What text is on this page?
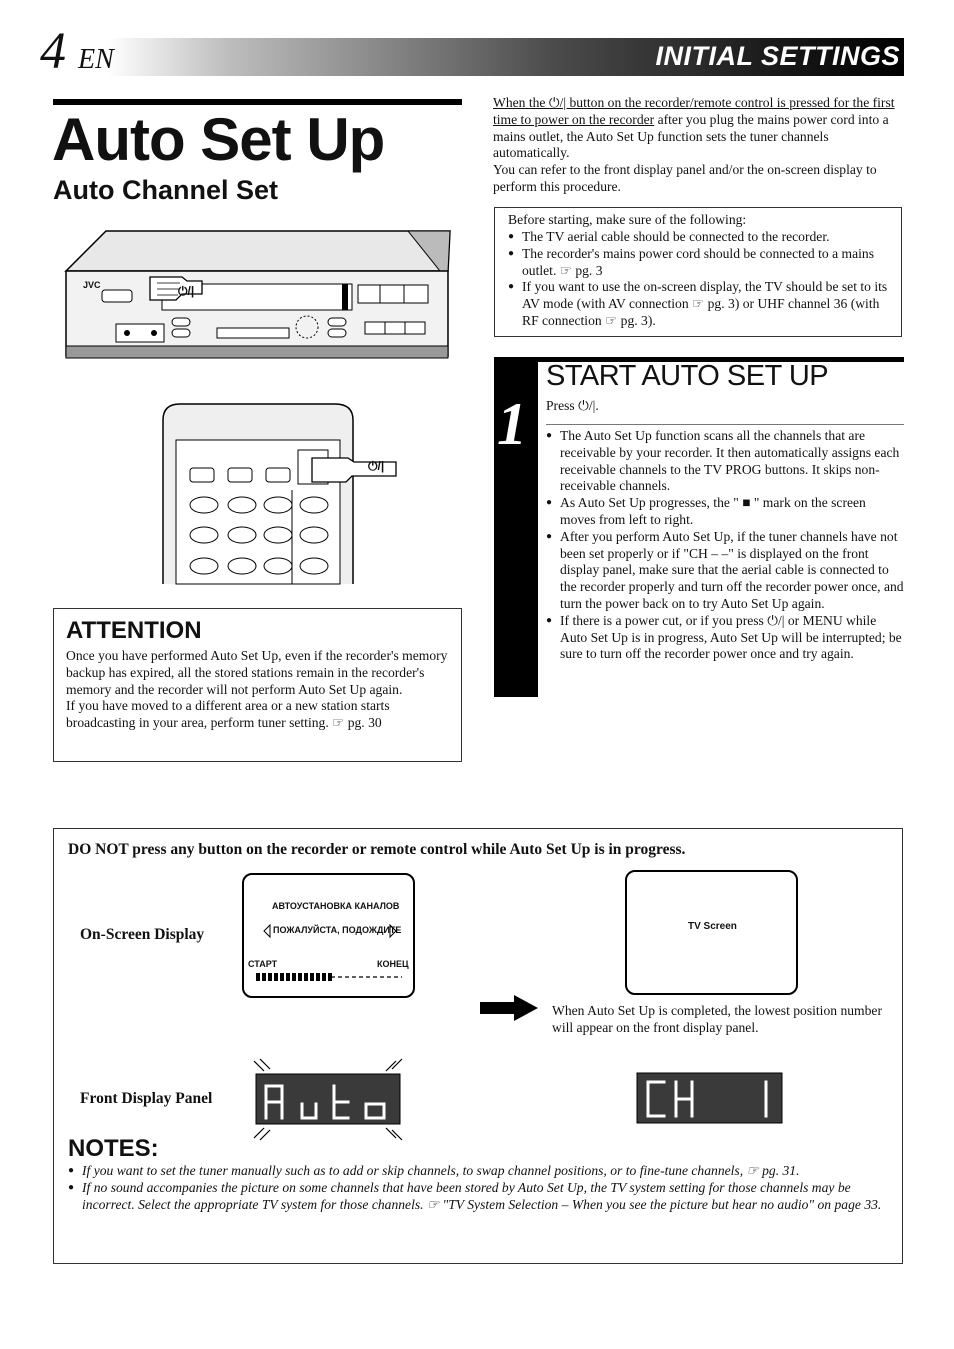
4 EN	INITIAL SETTINGS
Auto Set Up
Auto Channel Set
JVC	⏻/|
⏻/|
When the ⏻/| button on the recorder/remote control is pressed for the first time to power on the recorder after you plug the mains power cord into a mains outlet, the Auto Set Up function sets the tuner channels automatically.
You can refer to the front display panel and/or the on-screen display to perform this procedure.
Before starting, make sure of the following:
● The TV aerial cable should be connected to the recorder.
● The recorder's mains power cord should be connected to a mains outlet. ☞ pg. 3
● If you want to use the on-screen display, the TV should be set to its AV mode (with AV connection ☞ pg. 3) or UHF channel 36 (with RF connection ☞ pg. 3).
1
START AUTO SET UP
Press ⏻/|.
● The Auto Set Up function scans all the channels that are receivable by your recorder. It then automatically assigns each receivable channels to the TV PROG buttons. It skips non-receivable channels.
● As Auto Set Up progresses, the " ■ " mark on the screen moves from left to right.
● After you perform Auto Set Up, if the tuner channels have not been set properly or if "CH – –" is displayed on the front display panel, make sure that the aerial cable is connected to the recorder properly and turn off the recorder power once, and turn the power back on to try Auto Set Up again.
● If there is a power cut, or if you press ⏻/| or MENU while Auto Set Up is in progress, Auto Set Up will be interrupted; be sure to turn off the recorder power once and try again.
ATTENTION
Once you have performed Auto Set Up, even if the recorder's memory backup has expired, all the stored stations remain in the recorder's memory and the recorder will not perform Auto Set Up again.
If you have moved to a different area or a new station starts broadcasting in your area, perform tuner setting. ☞ pg. 30
DO NOT press any button on the recorder or remote control while Auto Set Up is in progress.
On-Screen Display
Front Display Panel
АВТОУСТАНОВКА КАНАЛОВ
ПОЖАЛУЙСТА, ПОДОЖДИТЕ
СТАРТ	КОНЕЦ
TV Screen
When Auto Set Up is completed, the lowest position number will appear on the front display panel.
NOTES:
● If you want to set the tuner manually such as to add or skip channels, to swap channel positions, or to fine-tune channels, ☞ pg. 31.
● If no sound accompanies the picture on some channels that have been stored by Auto Set Up, the TV system setting for those channels may be incorrect. Select the appropriate TV system for those channels. ☞ "TV System Selection – When you see the picture but hear no audio" on page 33.
